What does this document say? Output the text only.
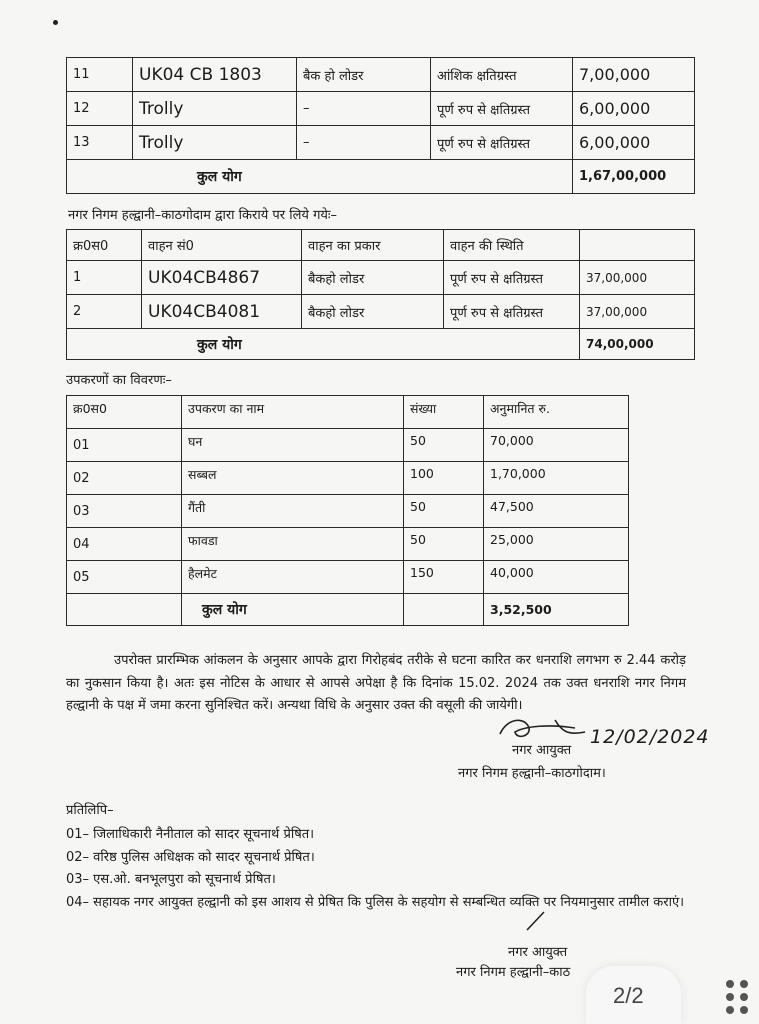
11	UK04 CB 1803	बैक हो लोडर	आंशिक क्षतिग्रस्त	7,00,000
12	Trolly	–	पूर्ण रुप से क्षतिग्रस्त	6,00,000
13	Trolly	–	पूर्ण रुप से क्षतिग्रस्त	6,00,000
कुल योग				1,67,00,000
नगर निगम हल्द्वानी–काठगोदाम द्वारा किराये पर लिये गयेः–
क्र0स0	वाहन सं0	वाहन का प्रकार	वाहन की स्थिति	
1	UK04CB4867	बैकहो लोडर	पूर्ण रुप से क्षतिग्रस्त	37,00,000
2	UK04CB4081	बैकहो लोडर	पूर्ण रुप से क्षतिग्रस्त	37,00,000
कुल योग				74,00,000
उपकरणों का विवरणः–
क्र0स0	उपकरण का नाम	संख्या	अनुमानित रु.
01	घन	50	70,000
02	सब्बल	100	1,70,000
03	गैंती	50	47,500
04	फावडा	50	25,000
05	हैलमेट	150	40,000
	कुल योग		3,52,500
उपरोक्त प्रारम्भिक आंकलन के अनुसार आपके द्वारा गिरोहबंद तरीके से घटना कारित कर धनराशि लगभग रु 2.44 करोड़ का नुकसान किया है। अतः इस नोटिस के आधार से आपसे अपेक्षा है कि दिनांक 15.02. 2024 तक उक्त धनराशि नगर निगम हल्द्वानी के पक्ष में जमा करना सुनिश्चित करें। अन्यथा विधि के अनुसार उक्त की वसूली की जायेगी।
12/02/2024
नगर आयुक्त
नगर निगम हल्द्वानी–काठगोदाम।
प्रतिलिपि–
01– जिलाधिकारी नैनीताल को सादर सूचनार्थ प्रेषित।
02– वरिष्ठ पुलिस अधिक्षक को सादर सूचनार्थ प्रेषित।
03– एस.ओ. बनभूलपुरा को सूचनार्थ प्रेषित।
04– सहायक नगर आयुक्त हल्द्वानी को इस आशय से प्रेषित कि पुलिस के सहयोग से सम्बन्धित व्यक्ति पर नियमानुसार तामील कराएं।
नगर आयुक्त
नगर निगम हल्द्वानी–काठ
2/2
